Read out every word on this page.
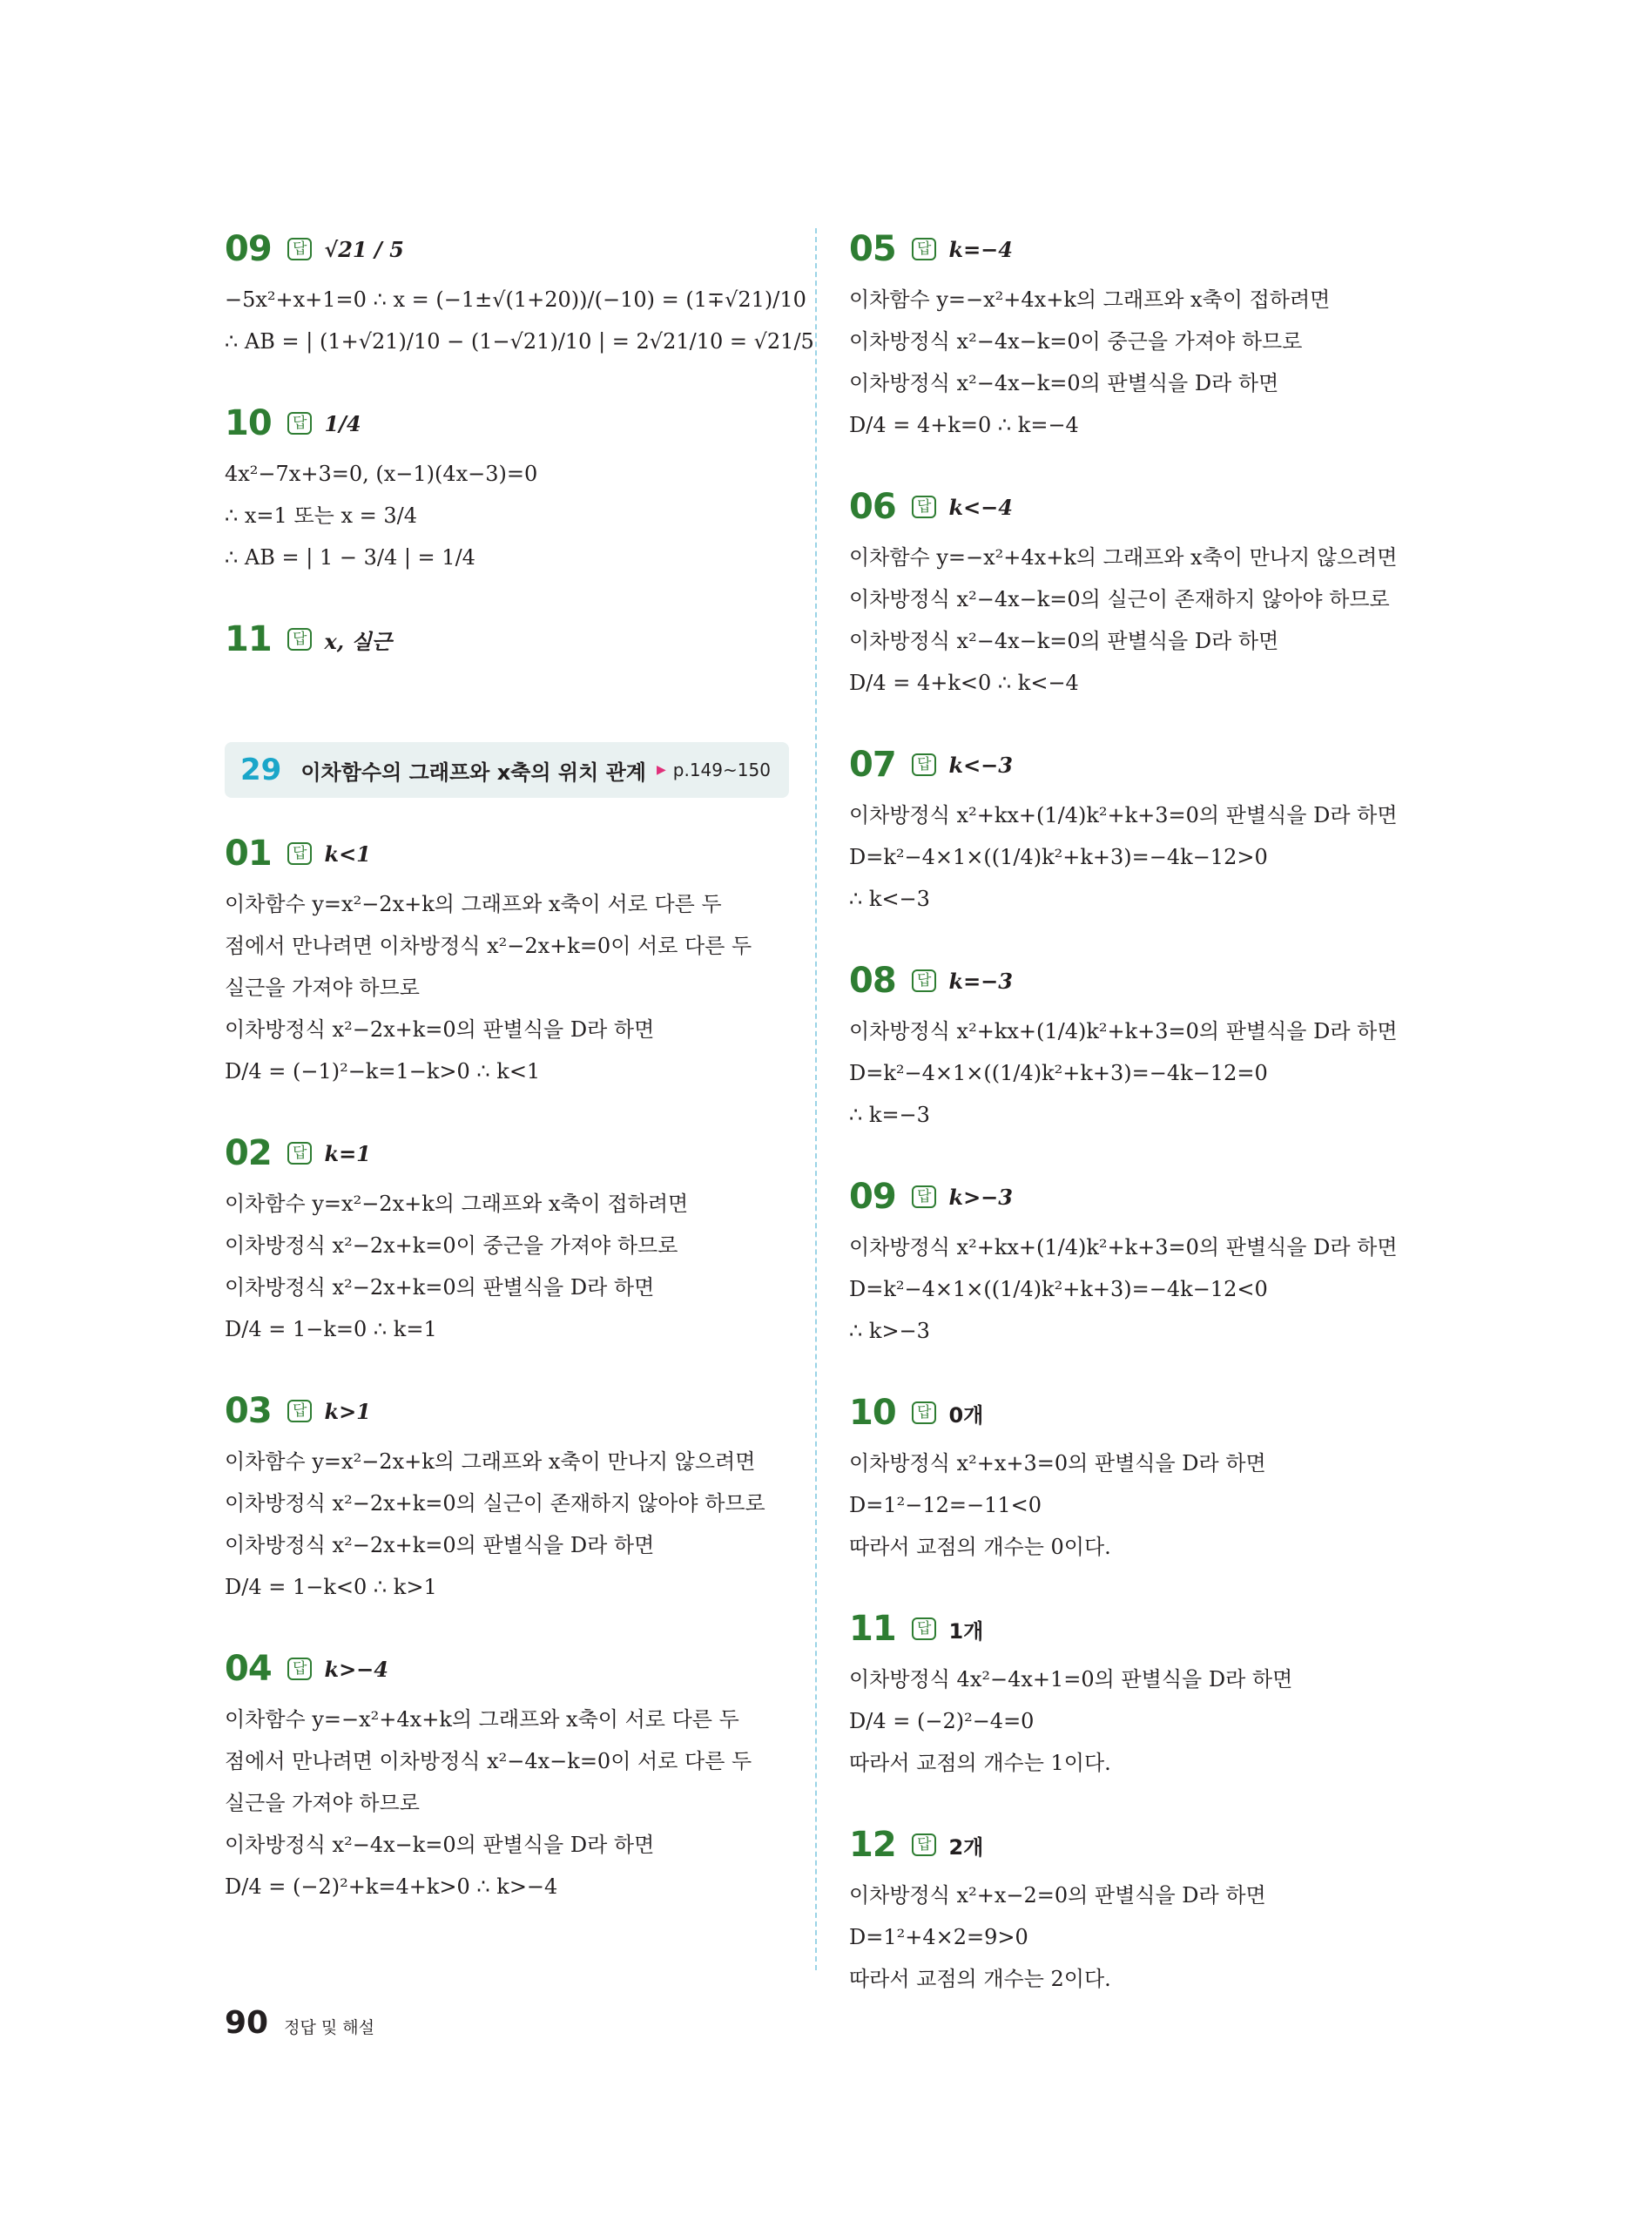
09	답 √21 / 5
−5x²+x+1=0 ∴ x = (−1±√(1+20))/(−10) = (1∓√21)/10
∴ AB = | (1+√21)/10 − (1−√21)/10 | = 2√21/10 = √21/5
10	답 1/4
4x²−7x+3=0, (x−1)(4x−3)=0
∴ x=1 또는 x = 3/4
∴ AB = | 1 − 3/4 | = 1/4
11	답 x, 실근
29 이차함수의 그래프와 x축의 위치 관계 ▶ p.149~150
01	답 k<1
이차함수 y=x²−2x+k의 그래프와 x축이 서로 다른 두
점에서 만나려면 이차방정식 x²−2x+k=0이 서로 다른 두
실근을 가져야 하므로
이차방정식 x²−2x+k=0의 판별식을 D라 하면
D/4 = (−1)²−k=1−k>0 ∴ k<1
02	답 k=1
이차함수 y=x²−2x+k의 그래프와 x축이 접하려면
이차방정식 x²−2x+k=0이 중근을 가져야 하므로
이차방정식 x²−2x+k=0의 판별식을 D라 하면
D/4 = 1−k=0 ∴ k=1
03	답 k>1
이차함수 y=x²−2x+k의 그래프와 x축이 만나지 않으려면
이차방정식 x²−2x+k=0의 실근이 존재하지 않아야 하므로
이차방정식 x²−2x+k=0의 판별식을 D라 하면
D/4 = 1−k<0 ∴ k>1
04	답 k>−4
이차함수 y=−x²+4x+k의 그래프와 x축이 서로 다른 두
점에서 만나려면 이차방정식 x²−4x−k=0이 서로 다른 두
실근을 가져야 하므로
이차방정식 x²−4x−k=0의 판별식을 D라 하면
D/4 = (−2)²+k=4+k>0 ∴ k>−4
05	답 k=−4
이차함수 y=−x²+4x+k의 그래프와 x축이 접하려면
이차방정식 x²−4x−k=0이 중근을 가져야 하므로
이차방정식 x²−4x−k=0의 판별식을 D라 하면
D/4 = 4+k=0 ∴ k=−4
06	답 k<−4
이차함수 y=−x²+4x+k의 그래프와 x축이 만나지 않으려면
이차방정식 x²−4x−k=0의 실근이 존재하지 않아야 하므로
이차방정식 x²−4x−k=0의 판별식을 D라 하면
D/4 = 4+k<0 ∴ k<−4
07	답 k<−3
이차방정식 x²+kx+(1/4)k²+k+3=0의 판별식을 D라 하면
D=k²−4×1×((1/4)k²+k+3)=−4k−12>0
∴ k<−3
08	답 k=−3
이차방정식 x²+kx+(1/4)k²+k+3=0의 판별식을 D라 하면
D=k²−4×1×((1/4)k²+k+3)=−4k−12=0
∴ k=−3
09	답 k>−3
이차방정식 x²+kx+(1/4)k²+k+3=0의 판별식을 D라 하면
D=k²−4×1×((1/4)k²+k+3)=−4k−12<0
∴ k>−3
10	답 0개
이차방정식 x²+x+3=0의 판별식을 D라 하면
D=1²−12=−11<0
따라서 교점의 개수는 0이다.
11	답 1개
이차방정식 4x²−4x+1=0의 판별식을 D라 하면
D/4 = (−2)²−4=0
따라서 교점의 개수는 1이다.
12	답 2개
이차방정식 x²+x−2=0의 판별식을 D라 하면
D=1²+4×2=9>0
따라서 교점의 개수는 2이다.
90 정답 및 해설
